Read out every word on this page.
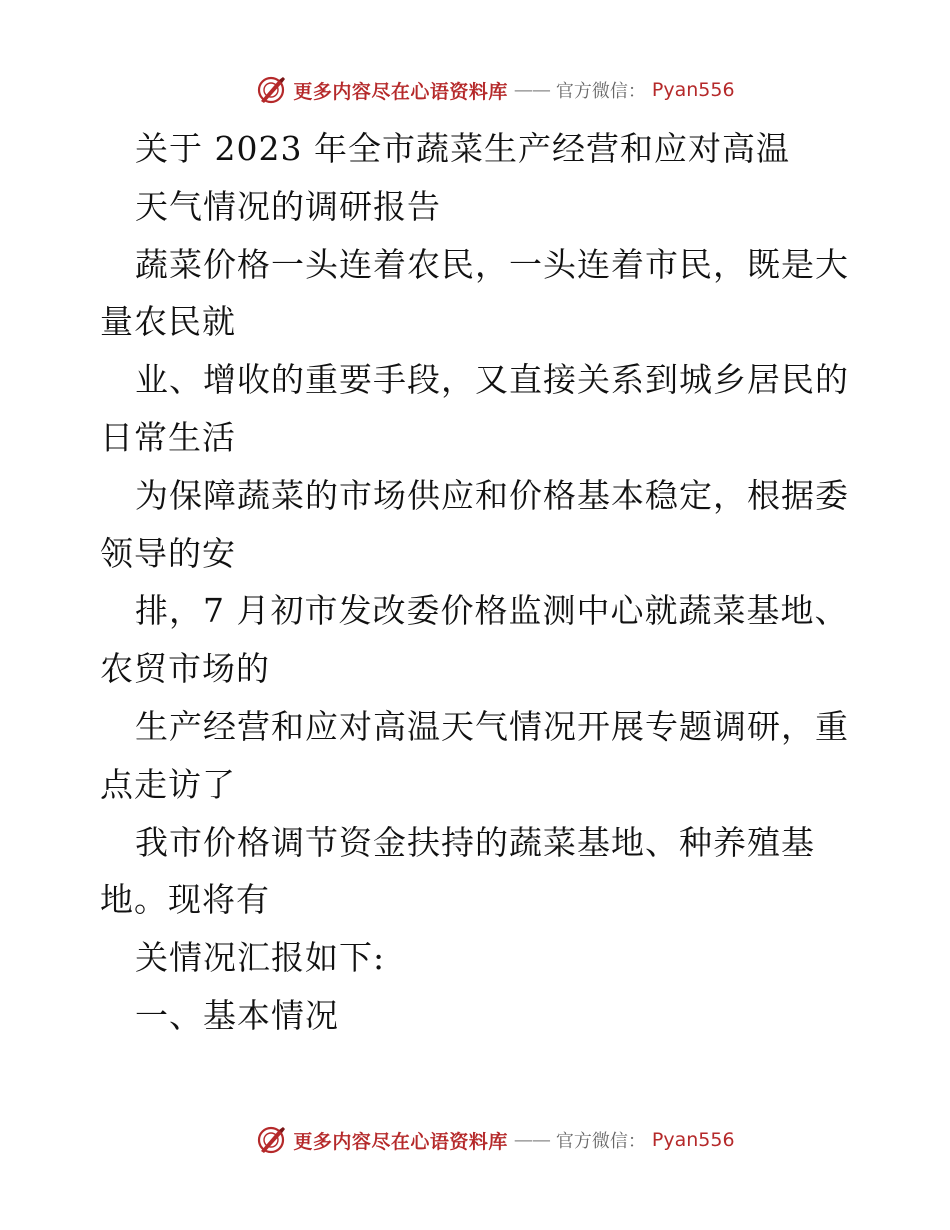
更多内容尽在心语资料库 —— 官方微信： Pyan556
关于 2023 年全市蔬菜生产经营和应对高温
天气情况的调研报告
蔬菜价格一头连着农民，一头连着市民，既是大
量农民就
业、增收的重要手段，又直接关系到城乡居民的
日常生活
为保障蔬菜的市场供应和价格基本稳定，根据委
领导的安
排，7 月初市发改委价格监测中心就蔬菜基地、
农贸市场的
生产经营和应对高温天气情况开展专题调研，重
点走访了
我市价格调节资金扶持的蔬菜基地、种养殖基
地。现将有
关情况汇报如下:
一、基本情况
更多内容尽在心语资料库 —— 官方微信： Pyan556
